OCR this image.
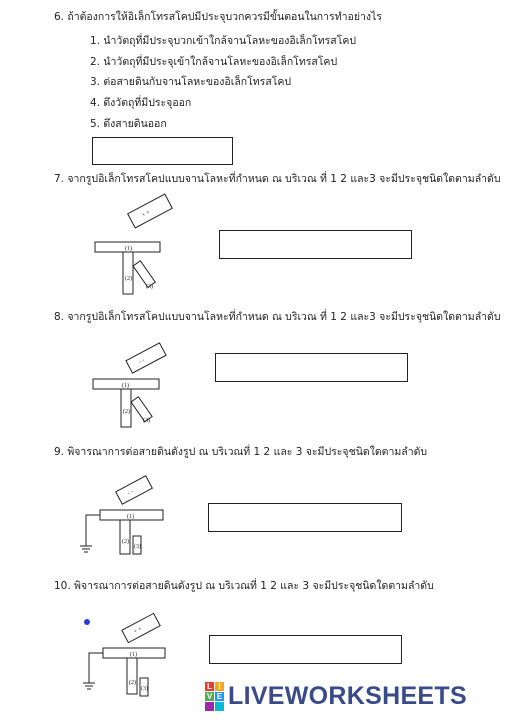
6. ถ้าต้องการให้อิเล็กโทรสโคปมีประจุบวกควรมีขั้นตอนในการทำอย่างไร
1. นำวัตถุที่มีประจุบวกเข้าใกล้จานโลหะของอิเล็กโทรสโคป
2. นำวัตถุที่มีประจุเข้าใกล้จานโลหะของอิเล็กโทรสโคป
3. ต่อสายดินกับจานโลหะของอิเล็กโทรสโคป
4. ดึงวัตถุที่มีประจุออก
5. ดึงสายดินออก
7. จากรูปอิเล็กโทรสโคปแบบจานโลหะที่กำหนด ณ บริเวณ ที่ 1 2 และ3 จะมีประจุชนิดใดตามลำดับ
+ +
(1)
(2)
(3)
8. จากรูปอิเล็กโทรสโคปแบบจานโลหะที่กำหนด ณ บริเวณ ที่ 1 2 และ3 จะมีประจุชนิดใดตามลำดับ
- -
(1)
(2)
(3)
9. พิจารณาการต่อสายดินดังรูป ณ บริเวณที่ 1 2 และ 3 จะมีประจุชนิดใดตามลำดับ
- -
(1)
(2)
(3)
10. พิจารณาการต่อสายดินดังรูป ณ บริเวณที่ 1 2 และ 3 จะมีประจุชนิดใดตามลำดับ
+ +
(1)
(2)
(3)	L I
V E LIVEWORKSHEETS
